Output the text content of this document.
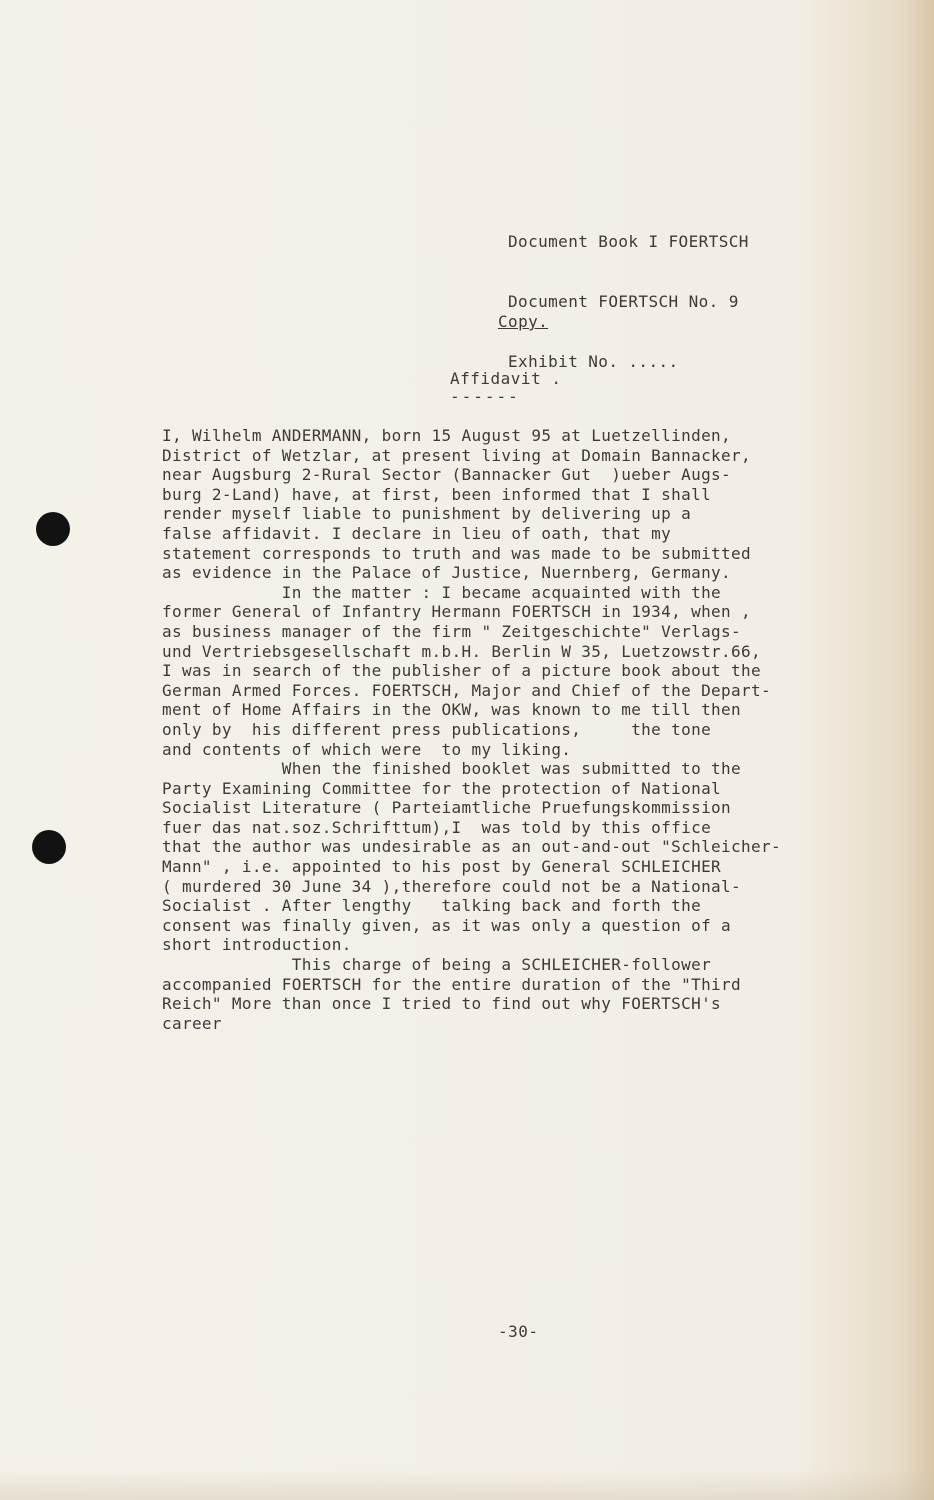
Document Book I FOERTSCH

Document FOERTSCH No. 9

Exhibit No. .....

Copy.
Affidavit .
------
I, Wilhelm ANDERMANN, born 15 August 95 at Luetzellinden,
District of Wetzlar, at present living at Domain Bannacker,
near Augsburg 2-Rural Sector (Bannacker Gut  )ueber Augs-
burg 2-Land) have, at first, been informed that I shall
render myself liable to punishment by delivering up a
false affidavit. I declare in lieu of oath, that my
statement corresponds to truth and was made to be submitted
as evidence in the Palace of Justice, Nuernberg, Germany.
In the matter : I became acquainted with the
former General of Infantry Hermann FOERTSCH in 1934, when ,
as business manager of the firm " Zeitgeschichte" Verlags-
und Vertriebsgesellschaft m.b.H. Berlin W 35, Luetzowstr.66,
I was in search of the publisher of a picture book about the
German Armed Forces. FOERTSCH, Major and Chief of the Depart-
ment of Home Affairs in the OKW, was known to me till then
only by  his different press publications,     the tone
and contents of which were  to my liking.
When the finished booklet was submitted to the
Party Examining Committee for the protection of National
Socialist Literature ( Parteiamtliche Pruefungskommission
fuer das nat.soz.Schrifttum),I  was told by this office
that the author was undesirable as an out-and-out "Schleicher-
Mann" , i.e. appointed to his post by General SCHLEICHER
( murdered 30 June 34 ),therefore could not be a National-
Socialist . After lengthy   talking back and forth the
consent was finally given, as it was only a question of a
short introduction.
This charge of being a SCHLEICHER-follower
accompanied FOERTSCH for the entire duration of the "Third
Reich" More than once I tried to find out why FOERTSCH's
career
-30-
